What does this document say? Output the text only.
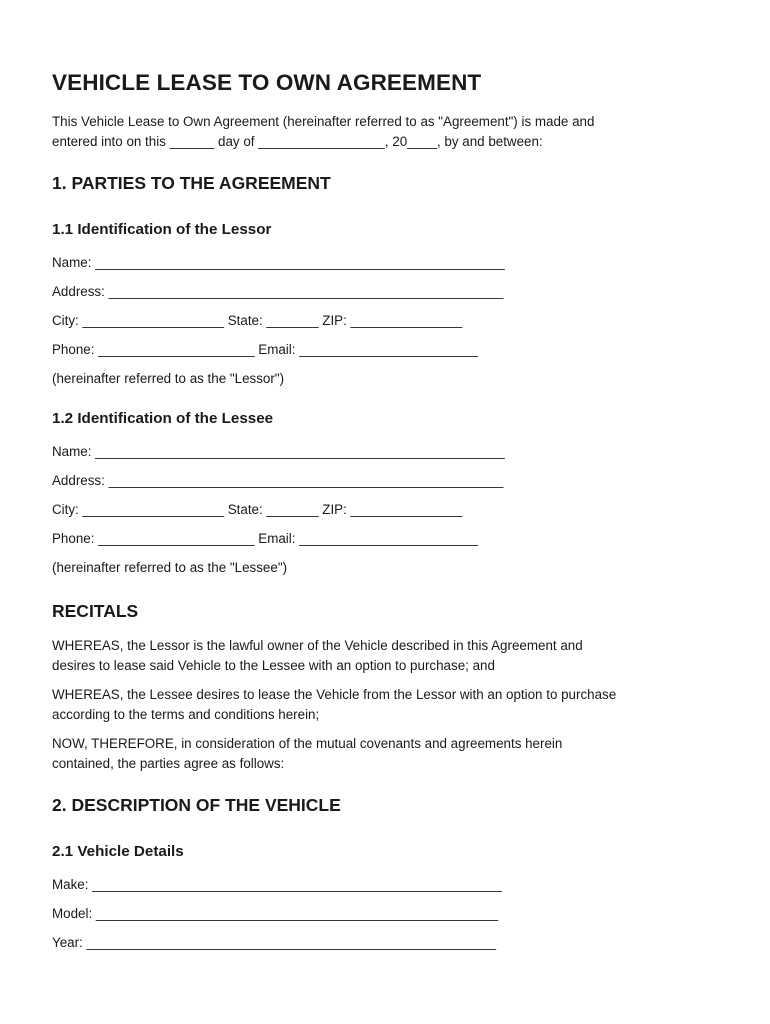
VEHICLE LEASE TO OWN AGREEMENT

This Vehicle Lease to Own Agreement (hereinafter referred to as "Agreement") is made and

entered into on this ______ day of _________________, 20____, by and between:

1. PARTIES TO THE AGREEMENT
1.1 Identification of the Lessor

Name: _______________________________________________________

Address: _____________________________________________________

City: ___________________ State: _______ ZIP: _______________

Phone: _____________________ Email: ________________________

(hereinafter referred to as the "Lessor")

1.2 Identification of the Lessee

Name: _______________________________________________________

Address: _____________________________________________________

City: ___________________ State: _______ ZIP: _______________

Phone: _____________________ Email: ________________________

(hereinafter referred to as the "Lessee")

RECITALS

WHEREAS, the Lessor is the lawful owner of the Vehicle described in this Agreement and

desires to lease said Vehicle to the Lessee with an option to purchase; and

WHEREAS, the Lessee desires to lease the Vehicle from the Lessor with an option to purchase

according to the terms and conditions herein;

NOW, THEREFORE, in consideration of the mutual covenants and agreements herein

contained, the parties agree as follows:

2. DESCRIPTION OF THE VEHICLE
2.1 Vehicle Details

Make: _______________________________________________________

Model: ______________________________________________________

Year: _______________________________________________________
